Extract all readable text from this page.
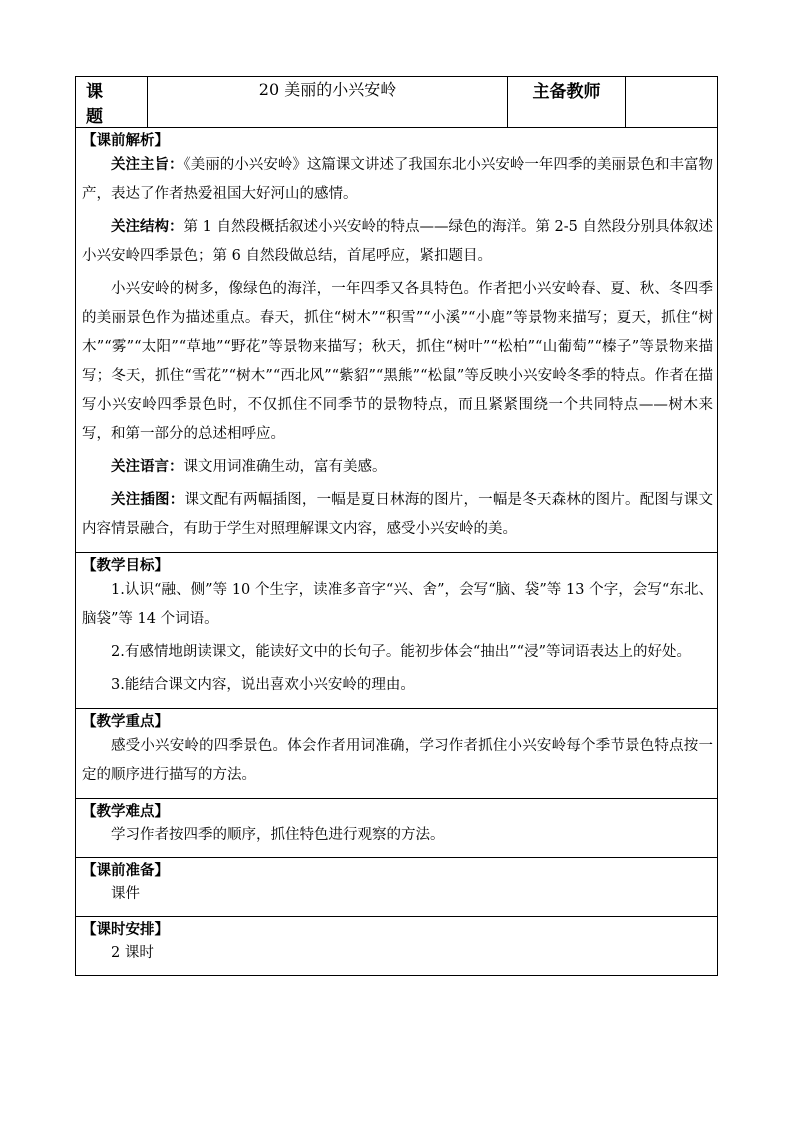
课题	20 美丽的小兴安岭	主备教师	

【课前解析】

关注主旨：《美丽的小兴安岭》这篇课文讲述了我国东北小兴安岭一年四季的美丽景色和丰富物产，表达了作者热爱祖国大好河山的感情。

关注结构：第 1 自然段概括叙述小兴安岭的特点——绿色的海洋。第 2-5 自然段分别具体叙述小兴安岭四季景色；第 6 自然段做总结，首尾呼应，紧扣题目。

小兴安岭的树多，像绿色的海洋，一年四季又各具特色。作者把小兴安岭春、夏、秋、冬四季的美丽景色作为描述重点。春天，抓住“树木”“积雪”“小溪”“小鹿”等景物来描写；夏天，抓住“树木”“雾”“太阳”“草地”“野花”等景物来描写；秋天，抓住“树叶”“松柏”“山葡萄”“榛子”等景物来描写；冬天，抓住“雪花”“树木”“西北风”“紫貂”“黑熊”“松鼠”等反映小兴安岭冬季的特点。作者在描写小兴安岭四季景色时，不仅抓住不同季节的景物特点，而且紧紧围绕一个共同特点——树木来写，和第一部分的总述相呼应。

关注语言：课文用词准确生动，富有美感。

关注插图：课文配有两幅插图，一幅是夏日林海的图片，一幅是冬天森林的图片。配图与课文内容情景融合，有助于学生对照理解课文内容，感受小兴安岭的美。

【教学目标】

1.认识“融、侧”等 10 个生字，读准多音字“兴、舍”，会写“脑、袋”等 13 个字，会写“东北、脑袋”等 14 个词语。

2.有感情地朗读课文，能读好文中的长句子。能初步体会“抽出”“浸”等词语表达上的好处。

3.能结合课文内容，说出喜欢小兴安岭的理由。

【教学重点】

感受小兴安岭的四季景色。体会作者用词准确，学习作者抓住小兴安岭每个季节景色特点按一定的顺序进行描写的方法。

【教学难点】

学习作者按四季的顺序，抓住特色进行观察的方法。

【课前准备】

课件

【课时安排】

2 课时
